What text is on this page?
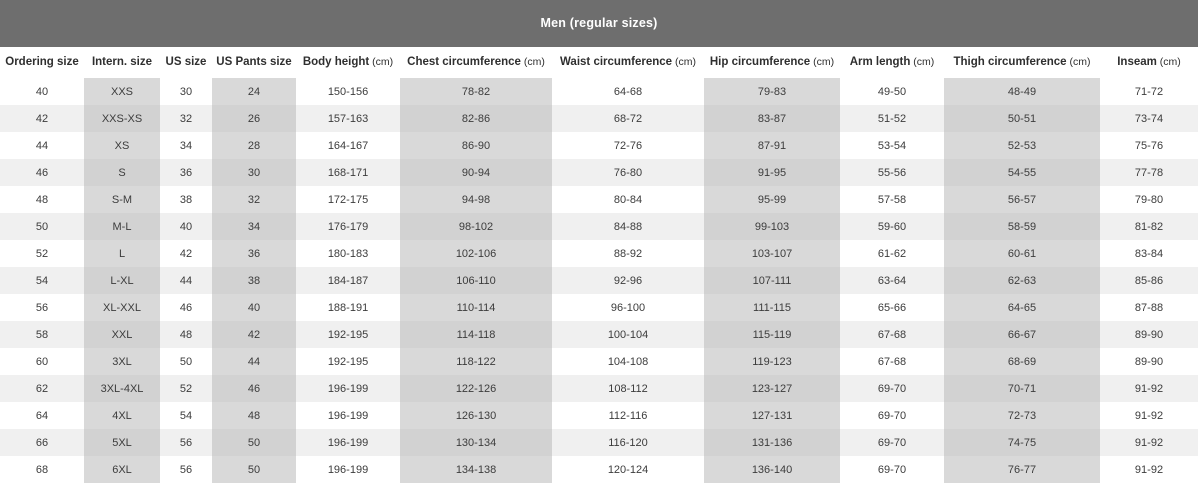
Men (regular sizes)
Ordering size	Intern. size	US size	US Pants size	Body height (cm)	Chest circumference (cm)	Waist circumference (cm)	Hip circumference (cm)	Arm length (cm)	Thigh circumference (cm)	Inseam (cm)
40	XXS	30	24	150-156	78-82	64-68	79-83	49-50	48-49	71-72
42	XXS-XS	32	26	157-163	82-86	68-72	83-87	51-52	50-51	73-74
44	XS	34	28	164-167	86-90	72-76	87-91	53-54	52-53	75-76
46	S	36	30	168-171	90-94	76-80	91-95	55-56	54-55	77-78
48	S-M	38	32	172-175	94-98	80-84	95-99	57-58	56-57	79-80
50	M-L	40	34	176-179	98-102	84-88	99-103	59-60	58-59	81-82
52	L	42	36	180-183	102-106	88-92	103-107	61-62	60-61	83-84
54	L-XL	44	38	184-187	106-110	92-96	107-111	63-64	62-63	85-86
56	XL-XXL	46	40	188-191	110-114	96-100	111-115	65-66	64-65	87-88
58	XXL	48	42	192-195	114-118	100-104	115-119	67-68	66-67	89-90
60	3XL	50	44	192-195	118-122	104-108	119-123	67-68	68-69	89-90
62	3XL-4XL	52	46	196-199	122-126	108-112	123-127	69-70	70-71	91-92
64	4XL	54	48	196-199	126-130	112-116	127-131	69-70	72-73	91-92
66	5XL	56	50	196-199	130-134	116-120	131-136	69-70	74-75	91-92
68	6XL	56	50	196-199	134-138	120-124	136-140	69-70	76-77	91-92
